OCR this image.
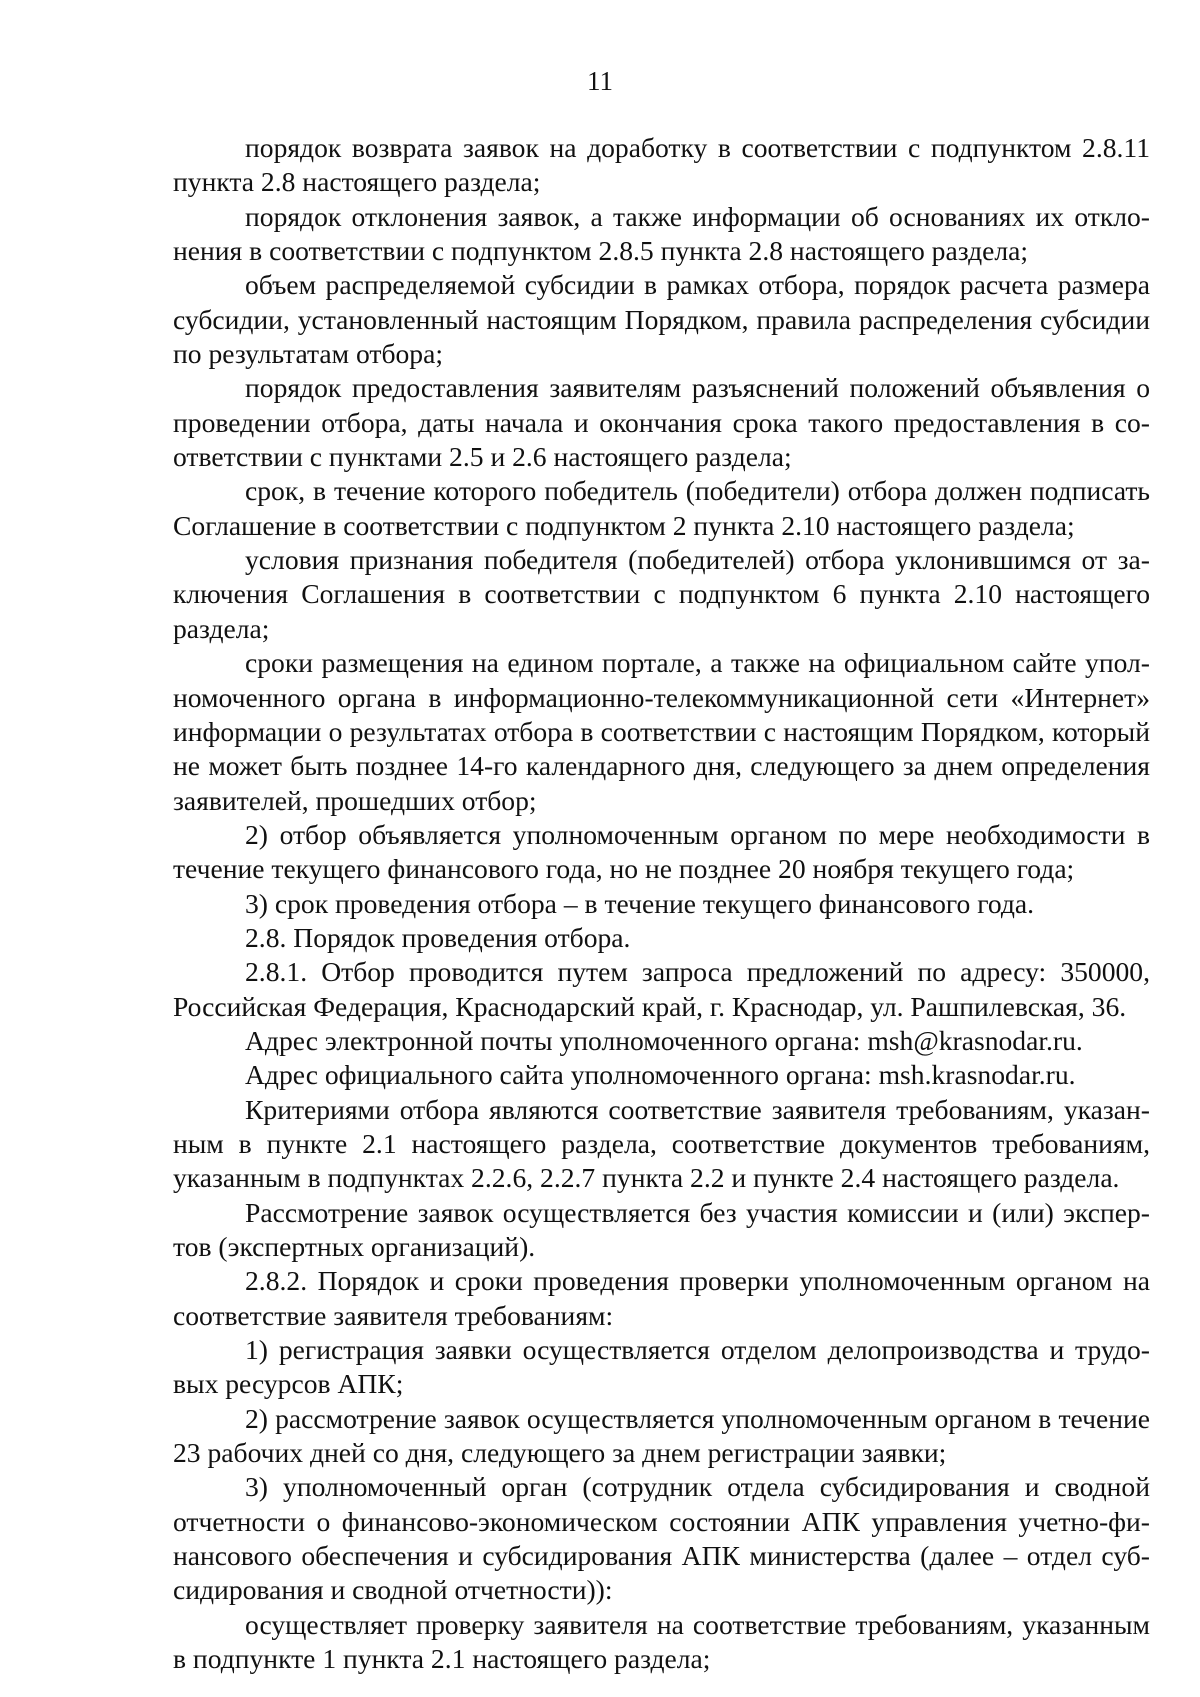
11

порядок возврата заявок на доработку в соответствии с подпунктом 2.8.11 пункта 2.8 настоящего раздела;

порядок отклонения заявок, а также информации об основаниях их отклонения в соответствии с подпунктом 2.8.5 пункта 2.8 настоящего раздела;

объем распределяемой субсидии в рамках отбора, порядок расчета размера субсидии, установленный настоящим Порядком, правила распределения субсидии по результатам отбора;

порядок предоставления заявителям разъяснений положений объявления о проведении отбора, даты начала и окончания срока такого предоставления в соответствии с пунктами 2.5 и 2.6 настоящего раздела;

срок, в течение которого победитель (победители) отбора должен подписать Соглашение в соответствии с подпунктом 2 пункта 2.10 настоящего раздела;

условия признания победителя (победителей) отбора уклонившимся от заключения Соглашения в соответствии с подпунктом 6 пункта 2.10 настоящего раздела;

сроки размещения на едином портале, а также на официальном сайте уполномоченного органа в информационно-телекоммуникационной сети «Интернет» информации о результатах отбора в соответствии с настоящим Порядком, который не может быть позднее 14-го календарного дня, следующего за днем определения заявителей, прошедших отбор;

2) отбор объявляется уполномоченным органом по мере необходимости в течение текущего финансового года, но не позднее 20 ноября текущего года;

3) срок проведения отбора – в течение текущего финансового года.

2.8. Порядок проведения отбора.

2.8.1. Отбор проводится путем запроса предложений по адресу: 350000, Российская Федерация, Краснодарский край, г. Краснодар, ул. Рашпилевская, 36.

Адрес электронной почты уполномоченного органа: msh@krasnodar.ru.

Адрес официального сайта уполномоченного органа: msh.krasnodar.ru.

Критериями отбора являются соответствие заявителя требованиям, указанным в пункте 2.1 настоящего раздела, соответствие документов требованиям, указанным в подпунктах 2.2.6, 2.2.7 пункта 2.2 и пункте 2.4 настоящего раздела.

Рассмотрение заявок осуществляется без участия комиссии и (или) экспертов (экспертных организаций).

2.8.2. Порядок и сроки проведения проверки уполномоченным органом на соответствие заявителя требованиям:

1) регистрация заявки осуществляется отделом делопроизводства и трудовых ресурсов АПК;

2) рассмотрение заявок осуществляется уполномоченным органом в течение 23 рабочих дней со дня, следующего за днем регистрации заявки;

3) уполномоченный орган (сотрудник отдела субсидирования и сводной отчетности о финансово-экономическом состоянии АПК управления учетно-финансового обеспечения и субсидирования АПК министерства (далее – отдел субсидирования и сводной отчетности)):

осуществляет проверку заявителя на соответствие требованиям, указанным в подпункте 1 пункта 2.1 настоящего раздела;
